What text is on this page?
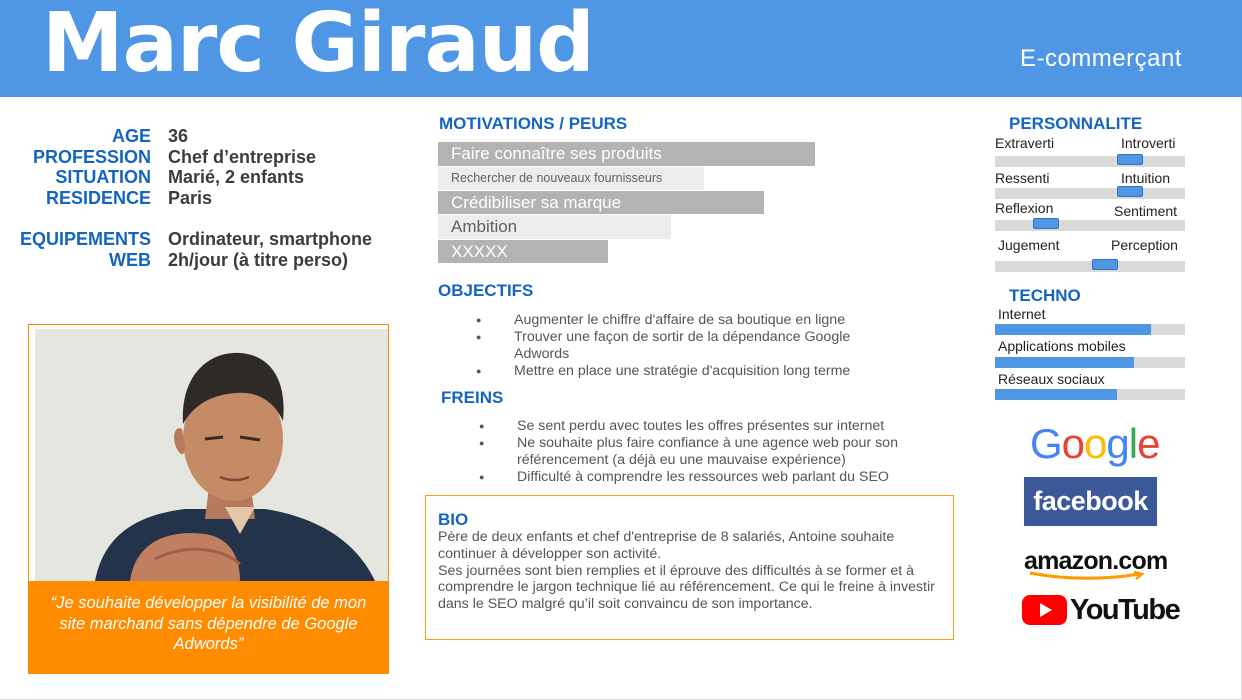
Marc Giraud	E-commerçant
AGE 36
PROFESSION Chef d’entreprise
SITUATION Marié, 2 enfants
RESIDENCE Paris
EQUIPEMENTS Ordinateur, smartphone
WEB 2h/jour (à titre perso)
“Je souhaite développer la visibilité de mon site marchand sans dépendre de Google Adwords”
MOTIVATIONS / PEURS
Faire connaître ses produits
Rechercher de nouveaux fournisseurs
Crédibiliser sa marque
Ambition
XXXXX
OBJECTIFS
● Augmenter le chiffre d'affaire de sa boutique en ligne
● Trouver une façon de sortir de la dépendance Google Adwords
● Mettre en place une stratégie d'acquisition long terme
FREINS
● Se sent perdu avec toutes les offres présentes sur internet
● Ne souhaite plus faire confiance à une agence web pour son référencement (a déjà eu une mauvaise expérience)
● Difficulté à comprendre les ressources web parlant du SEO
BIO
Père de deux enfants et chef d'entreprise de 8 salariés, Antoine souhaite continuer à développer son activité.
Ses journées sont bien remplies et il éprouve des difficultés à se former et à comprendre le jargon technique lié au référencement. Ce qui le freine à investir dans le SEO malgré qu’il soit convaincu de son importance.
PERSONNALITE
Extraverti	Introverti
Ressenti	Intuition
Reflexion	Sentiment
Jugement	Perception
TECHNO
Internet
Applications mobiles
Réseaux sociaux
Google
facebook
amazon.com
YouTube
